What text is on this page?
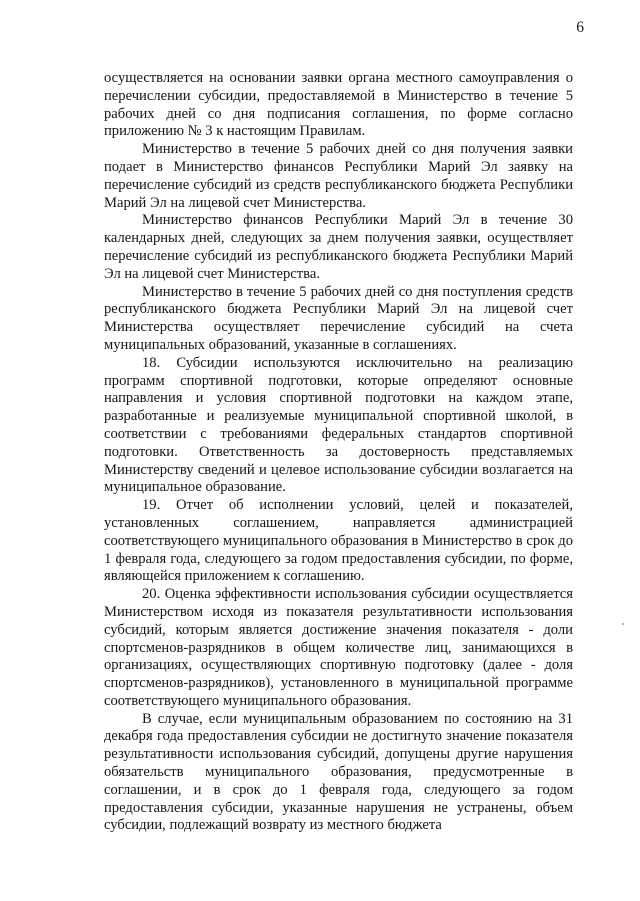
6

осуществляется на основании заявки органа местного самоуправления о перечислении субсидии, предоставляемой в Министерство в течение 5 рабочих дней со дня подписания соглашения, по форме согласно приложению № 3 к настоящим Правилам.

Министерство в течение 5 рабочих дней со дня получения заявки подает в Министерство финансов Республики Марий Эл заявку на перечисление субсидий из средств республиканского бюджета Республики Марий Эл на лицевой счет Министерства.

Министерство финансов Республики Марий Эл в течение 30 календарных дней, следующих за днем получения заявки, осуществляет перечисление субсидий из республиканского бюджета Республики Марий Эл на лицевой счет Министерства.

Министерство в течение 5 рабочих дней со дня поступления средств республиканского бюджета Республики Марий Эл на лицевой счет Министерства осуществляет перечисление субсидий на счета муниципальных образований, указанные в соглашениях.

18. Субсидии используются исключительно на реализацию программ спортивной подготовки, которые определяют основные направления и условия спортивной подготовки на каждом этапе, разработанные и реализуемые муниципальной спортивной школой, в соответствии с требованиями федеральных стандартов спортивной подготовки. Ответственность за достоверность представляемых Министерству сведений и целевое использование субсидии возлагается на муниципальное образование.

19. Отчет об исполнении условий, целей и показателей, установленных соглашением, направляется администрацией соответствующего муниципального образования в Министерство в срок до 1 февраля года, следующего за годом предоставления субсидии, по форме, являющейся приложением к соглашению.

20. Оценка эффективности использования субсидии осуществляется Министерством исходя из показателя результативности использования субсидий, которым является достижение значения показателя - доли спортсменов-разрядников в общем количестве лиц, занимающихся в организациях, осуществляющих спортивную подготовку (далее - доля спортсменов-разрядников), установленного в муниципальной программе соответствующего муниципального образования.

В случае, если муниципальным образованием по состоянию на 31 декабря года предоставления субсидии не достигнуто значение показателя результативности использования субсидий, допущены другие нарушения обязательств муниципального образования, предусмотренные в соглашении, и в срок до 1 февраля года, следующего за годом предоставления субсидии, указанные нарушения не устранены, объем субсидии, подлежащий возврату из местного бюджета
